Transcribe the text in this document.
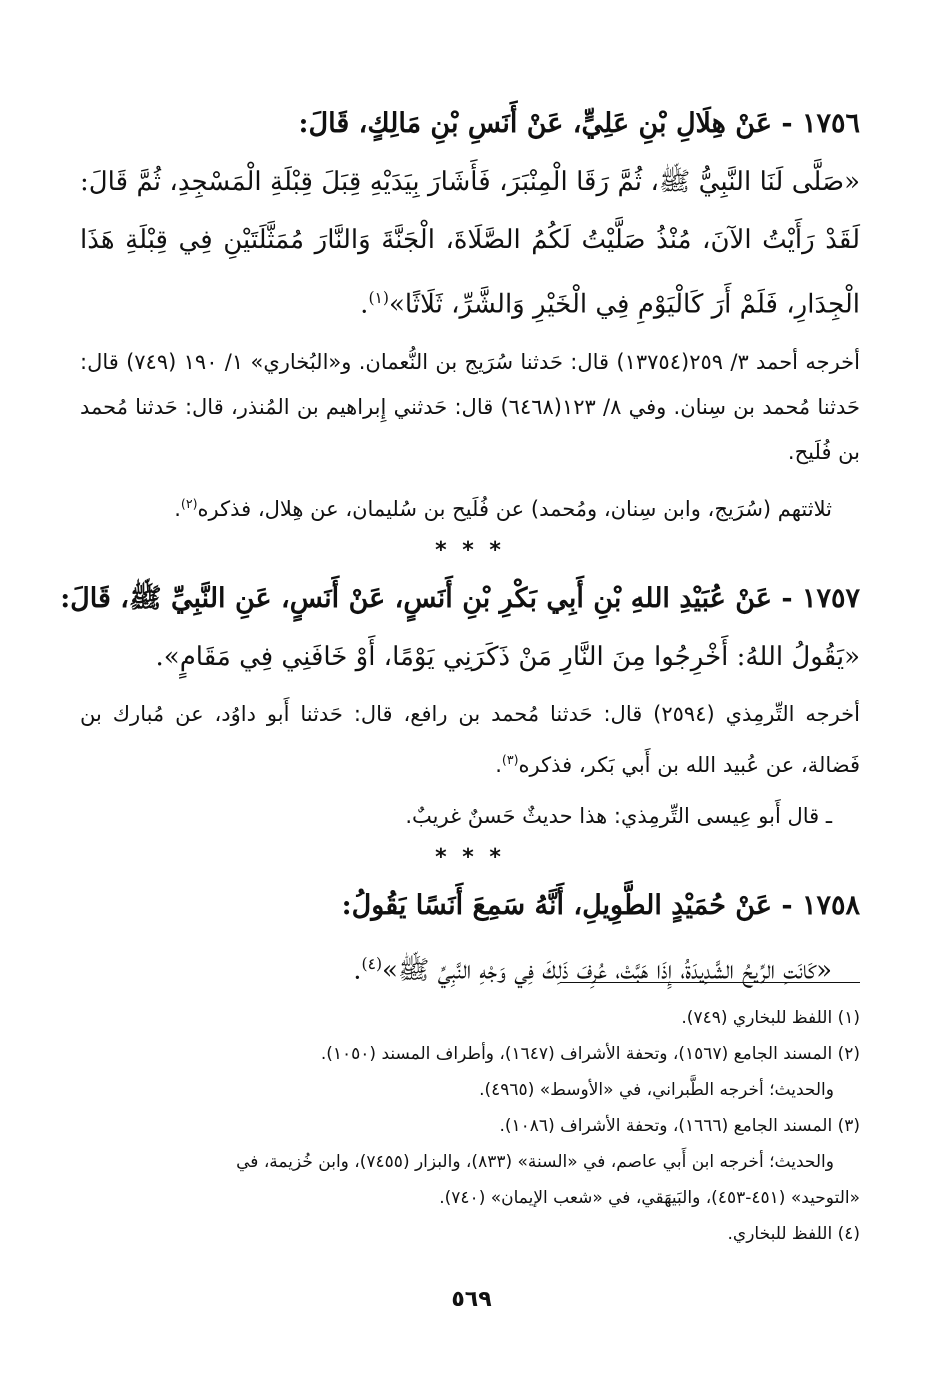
١٧٥٦ - عَنْ هِلَالِ بْنِ عَلِيٍّ، عَنْ أَنَسِ بْنِ مَالِكٍ، قَالَ:

«صَلَّى لَنَا النَّبِيُّ ﷺ، ثُمَّ رَقَا الْمِنْبَرَ، فَأَشَارَ بِيَدَيْهِ قِبَلَ قِبْلَةِ الْمَسْجِدِ، ثُمَّ قَالَ: لَقَدْ رَأَيْتُ الآنَ، مُنْذُ صَلَّيْتُ لَكُمُ الصَّلَاةَ، الْجَنَّةَ وَالنَّارَ مُمَثَّلَتَيْنِ فِي قِبْلَةِ هَذَا الْجِدَارِ، فَلَمْ أَرَ كَالْيَوْمِ فِي الْخَيْرِ وَالشَّرِّ، ثَلَاثًا»$^{(١)}$.

أخرجه أحمد ٣/ ٢٥٩(١٣٧٥٤) قال: حَدثنا سُرَيج بن النُّعمان. و«البُخاري» ١/ ١٩٠ (٧٤٩) قال: حَدثنا مُحمد بن سِنان. وفي ٨/ ١٢٣(٦٤٦٨) قال: حَدثني إِبراهيم بن المُنذر، قال: حَدثنا مُحمد بن فُلَيح.

ثلاثتهم (سُرَيج، وابن سِنان، ومُحمد) عن فُلَيح بن سُليمان، عن هِلال، فذكره$^{(٢)}$.

* * *

١٧٥٧ - عَنْ عُبَيْدِ اللهِ بْنِ أَبِي بَكْرِ بْنِ أَنَسٍ، عَنْ أَنَسٍ، عَنِ النَّبِيِّ ﷺ، قَالَ:

«يَقُولُ اللهُ: أَخْرِجُوا مِنَ النَّارِ مَنْ ذَكَرَنِي يَوْمًا، أَوْ خَافَنِي فِي مَقَامٍ».

أخرجه التِّرمِذي (٢٥٩٤) قال: حَدثنا مُحمد بن رافع، قال: حَدثنا أَبو داوُد، عن مُبارك بن فَضالة، عن عُبيد الله بن أَبي بَكر، فذكره$^{(٣)}$.

ـ قال أَبو عِيسى التِّرمِذي: هذا حديثٌ حَسنٌ غريبٌ.

* * *

١٧٥٨ - عَنْ حُمَيْدٍ الطَّوِيلِ، أَنَّهُ سَمِعَ أَنَسًا يَقُولُ:

«كَانَتِ الرِّيحُ الشَّدِيدَةُ، إِذَا هَبَّتْ، عُرِفَ ذَلِكَ فِي وَجْهِ النَّبِيِّ ﷺ»$^{(٤)}$.

(١) اللفظ للبخاري (٧٤٩).

(٢) المسند الجامع (١٥٦٧)، وتحفة الأشراف (١٦٤٧)، وأطراف المسند (١٠٥٠).

والحديث؛ أخرجه الطَّبراني، في «الأوسط» (٤٩٦٥).

(٣) المسند الجامع (١٦٦٦)، وتحفة الأشراف (١٠٨٦).

والحديث؛ أخرجه ابن أَبي عاصم، في «السنة» (٨٣٣)، والبزار (٧٤٥٥)، وابن خُزيمة، في

«التوحيد» (٤٥١-٤٥٣)، والبَيهَقي، في «شعب الإيمان» (٧٤٠).

(٤) اللفظ للبخاري.

٥٦٩
